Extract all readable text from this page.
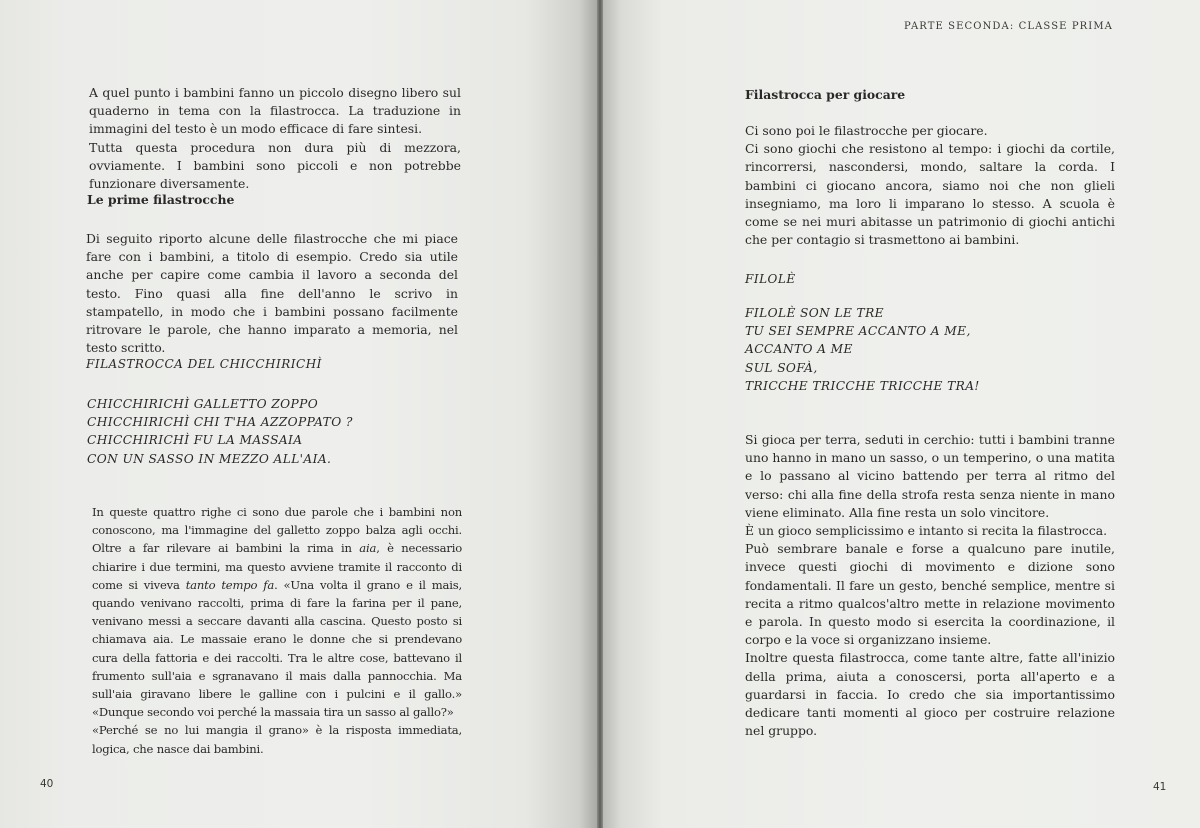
A quel punto i bambini fanno un piccolo disegno libero sul quaderno in tema con la filastrocca. La traduzione in immagini del testo è un modo efficace di fare sintesi.

Tutta questa procedura non dura più di mezzora, ovviamente. I bambini sono piccoli e non potrebbe funzionare diversamente.

Le prime filastrocche

Di seguito riporto alcune delle filastrocche che mi piace fare con i bambini, a titolo di esempio. Credo sia utile anche per capire come cambia il lavoro a seconda del testo. Fino quasi alla fine dell'anno le scrivo in stampatello, in modo che i bambini possano facilmente ritrovare le parole, che hanno imparato a memoria, nel testo scritto.

FILASTROCCA DEL CHICCHIRICHÌ
CHICCHIRICHÌ GALLETTO ZOPPO
CHICCHIRICHÌ CHI T'HA AZZOPPATO ?
CHICCHIRICHÌ FU LA MASSAIA
CON UN SASSO IN MEZZO ALL'AIA.

In queste quattro righe ci sono due parole che i bambini non conoscono, ma l'immagine del galletto zoppo balza agli occhi. Oltre a far rilevare ai bambini la rima in aia, è necessario chiarire i due termini, ma questo avviene tramite il racconto di come si viveva tanto tempo fa. «Una volta il grano e il mais, quando venivano raccolti, prima di fare la farina per il pane, venivano messi a seccare davanti alla cascina. Questo posto si chiamava aia. Le massaie erano le donne che si prendevano cura della fattoria e dei raccolti. Tra le altre cose, battevano il frumento sull'aia e sgranavano il mais dalla pannocchia. Ma sull'aia giravano libere le galline con i pulcini e il gallo.» «Dunque secondo voi perché la massaia tira un sasso al gallo?»

«Perché se no lui mangia il grano» è la risposta immediata, logica, che nasce dai bambini.

40
PARTE SECONDA: CLASSE PRIMA
Filastrocca per giocare

Ci sono poi le filastrocche per giocare.

Ci sono giochi che resistono al tempo: i giochi da cortile, rincorrersi, nascondersi, mondo, saltare la corda. I bambini ci giocano ancora, siamo noi che non glieli insegniamo, ma loro li imparano lo stesso. A scuola è come se nei muri abitasse un patrimonio di giochi antichi che per contagio si trasmettono ai bambini.

FILOLÈ
FILOLÈ SON LE TRE
TU SEI SEMPRE ACCANTO A ME,
ACCANTO A ME
SUL SOFÀ,
TRICCHE TRICCHE TRICCHE TRA!

Si gioca per terra, seduti in cerchio: tutti i bambini tranne uno hanno in mano un sasso, o un temperino, o una matita e lo passano al vicino battendo per terra al ritmo del verso: chi alla fine della strofa resta senza niente in mano viene eliminato. Alla fine resta un solo vincitore.

È un gioco semplicissimo e intanto si recita la filastrocca.

Può sembrare banale e forse a qualcuno pare inutile, invece questi giochi di movimento e dizione sono fondamentali. Il fare un gesto, benché semplice, mentre si recita a ritmo qualcos'altro mette in relazione movimento e parola. In questo modo si esercita la coordinazione, il corpo e la voce si organizzano insieme.

Inoltre questa filastrocca, come tante altre, fatte all'inizio della prima, aiuta a conoscersi, porta all'aperto e a guardarsi in faccia. Io credo che sia importantissimo dedicare tanti momenti al gioco per costruire relazione nel gruppo.

41
